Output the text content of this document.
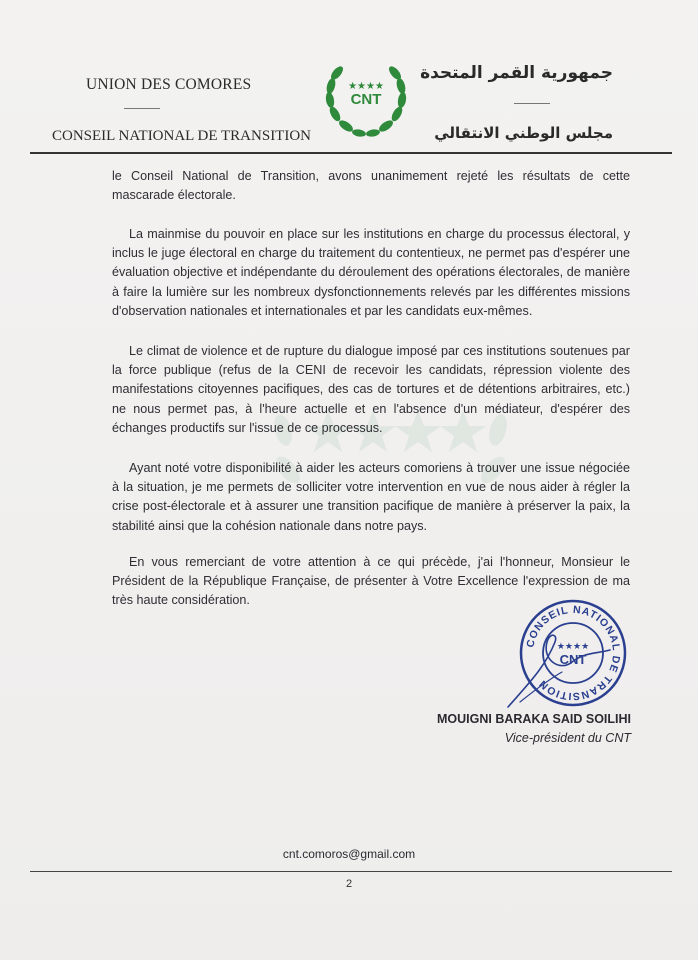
UNION DES COMORES
CONSEIL NATIONAL DE TRANSITION
جمهورية القمر المتحدة
مجلس الوطني الانتقالي
★★★★
CNT

le Conseil National de Transition, avons unanimement rejeté les résultats de cette mascarade électorale.

La mainmise du pouvoir en place sur les institutions en charge du processus électoral, y inclus le juge électoral en charge du traitement du contentieux, ne permet pas d'espérer une évaluation objective et indépendante du déroulement des opérations électorales, de manière à faire la lumière sur les nombreux dysfonctionnements relevés par les différentes missions d'observation nationales et internationales et par les candidats eux-mêmes.

Le climat de violence et de rupture du dialogue imposé par ces institutions soutenues par la force publique (refus de la CENI de recevoir les candidats, répression violente des manifestations citoyennes pacifiques, des cas de tortures et de détentions arbitraires, etc.) ne nous permet pas, à l'heure actuelle et en l'absence d'un médiateur, d'espérer des échanges productifs sur l'issue de ce processus.

Ayant noté votre disponibilité à aider les acteurs comoriens à trouver une issue négociée à la situation, je me permets de solliciter votre intervention en vue de nous aider à régler la crise post-électorale et à assurer une transition pacifique de manière à préserver la paix, la stabilité ainsi que la cohésion nationale dans notre pays.

En vous remerciant de votre attention à ce qui précède, j'ai l'honneur, Monsieur le Président de la République Française, de présenter à Votre Excellence l'expression de ma très haute considération.

CONSEIL NATIONAL DE TRANSITION
★★★★
CNT
MOUIGNI BARAKA SAID SOILIHI
Vice-président du CNT
cnt.comoros@gmail.com
2
